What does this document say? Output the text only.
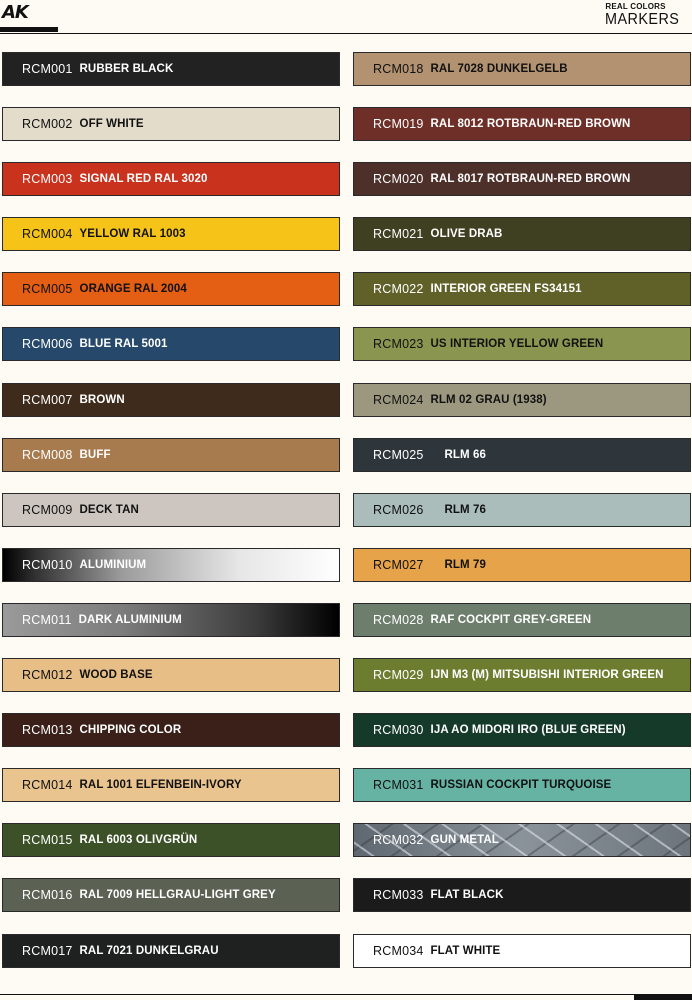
AK	REAL COLORS
MARKERS
RCM001 RUBBER BLACK
RCM002 OFF WHITE
RCM003 SIGNAL RED RAL 3020
RCM004 YELLOW RAL 1003
RCM005 ORANGE RAL 2004
RCM006 BLUE RAL 5001
RCM007 BROWN
RCM008 BUFF
RCM009 DECK TAN
RCM010 ALUMINIUM
RCM011 DARK ALUMINIUM
RCM012 WOOD BASE
RCM013 CHIPPING COLOR
RCM014 RAL 1001 ELFENBEIN-IVORY
RCM015 RAL 6003 OLIVGRÜN
RCM016 RAL 7009 HELLGRAU-LIGHT GREY
RCM017 RAL 7021 DUNKELGRAU
RCM018 RAL 7028 DUNKELGELB
RCM019 RAL 8012 ROTBRAUN-RED BROWN
RCM020 RAL 8017 ROTBRAUN-RED BROWN
RCM021 OLIVE DRAB
RCM022 INTERIOR GREEN FS34151
RCM023 US INTERIOR YELLOW GREEN
RCM024 RLM 02 GRAU (1938)
RCM025 RLM 66
RCM026 RLM 76
RCM027 RLM 79
RCM028 RAF COCKPIT GREY-GREEN
RCM029 IJN M3 (M) MITSUBISHI INTERIOR GREEN
RCM030 IJA AO MIDORI IRO (BLUE GREEN)
RCM031 RUSSIAN COCKPIT TURQUOISE
RCM032 GUN METAL
RCM033 FLAT BLACK
RCM034 FLAT WHITE
